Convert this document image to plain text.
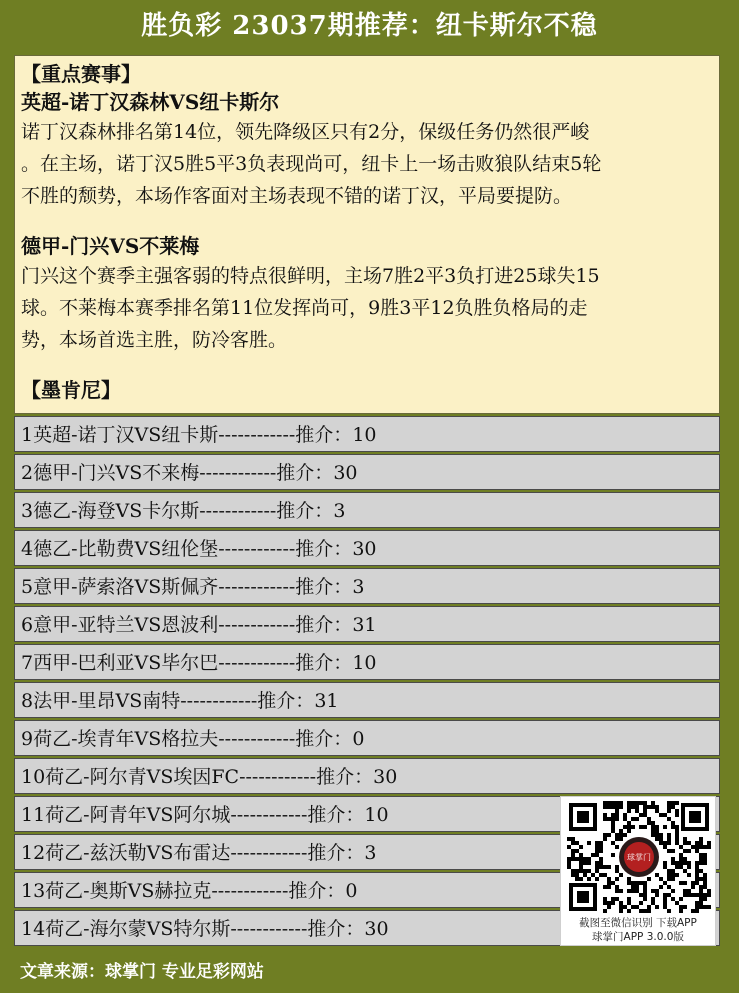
胜负彩 23037期推荐：纽卡斯尔不稳

【重点赛事】

英超-诺丁汉森林VS纽卡斯尔

诺丁汉森林排名第14位，领先降级区只有2分，保级任务仍然很严峻

。在主场，诺丁汉5胜5平3负表现尚可，纽卡上一场击败狼队结束5轮

不胜的颓势，本场作客面对主场表现不错的诺丁汉，平局要提防。

德甲-门兴VS不莱梅

门兴这个赛季主强客弱的特点很鲜明，主场7胜2平3负打进25球失15

球。不莱梅本赛季排名第11位发挥尚可，9胜3平12负胜负格局的走

势，本场首选主胜，防冷客胜。

【墨肯尼】

1英超-诺丁汉VS纽卡斯------------推介：10
2德甲-门兴VS不来梅------------推介：30
3德乙-海登VS卡尔斯------------推介：3
4德乙-比勒费VS纽伦堡------------推介：30
5意甲-萨索洛VS斯佩齐------------推介：3
6意甲-亚特兰VS恩波利------------推介：31
7西甲-巴利亚VS毕尔巴------------推介：10
8法甲-里昂VS南特------------推介：31
9荷乙-埃青年VS格拉夫------------推介：0
10荷乙-阿尔青VS埃因FC------------推介：30
11荷乙-阿青年VS阿尔城------------推介：10
12荷乙-兹沃勒VS布雷达------------推介：3
13荷乙-奥斯VS赫拉克------------推介：0
14荷乙-海尔蒙VS特尔斯------------推介：30
球掌门
截图至微信识别 下载APP
球掌门APP 3.0.0版
文章来源：球掌门 专业足彩网站
